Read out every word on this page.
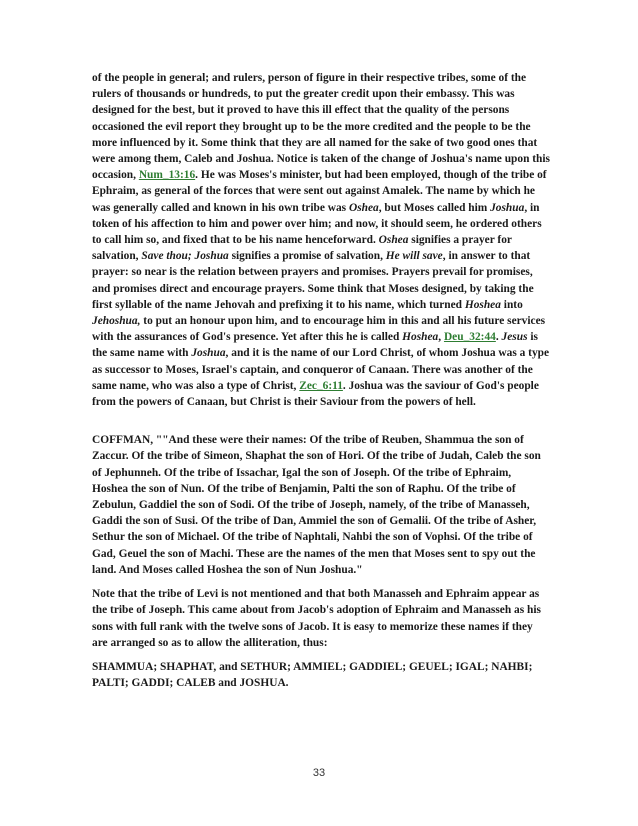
of the people in general; and rulers, person of figure in their respective tribes, some of the rulers of thousands or hundreds, to put the greater credit upon their embassy. This was designed for the best, but it proved to have this ill effect that the quality of the persons occasioned the evil report they brought up to be the more credited and the people to be the more influenced by it. Some think that they are all named for the sake of two good ones that were among them, Caleb and Joshua. Notice is taken of the change of Joshua's name upon this occasion, Num_13:16. He was Moses's minister, but had been employed, though of the tribe of Ephraim, as general of the forces that were sent out against Amalek. The name by which he was generally called and known in his own tribe was Oshea, but Moses called him Joshua, in token of his affection to him and power over him; and now, it should seem, he ordered others to call him so, and fixed that to be his name henceforward. Oshea signifies a prayer for salvation, Save thou; Joshua signifies a promise of salvation, He will save, in answer to that prayer: so near is the relation between prayers and promises. Prayers prevail for promises, and promises direct and encourage prayers. Some think that Moses designed, by taking the first syllable of the name Jehovah and prefixing it to his name, which turned Hoshea into Jehoshua, to put an honour upon him, and to encourage him in this and all his future services with the assurances of God's presence. Yet after this he is called Hoshea, Deu_32:44. Jesus is the same name with Joshua, and it is the name of our Lord Christ, of whom Joshua was a type as successor to Moses, Israel's captain, and conqueror of Canaan. There was another of the same name, who was also a type of Christ, Zec_6:11. Joshua was the saviour of God's people from the powers of Canaan, but Christ is their Saviour from the powers of hell.

COFFMAN, ""And these were their names: Of the tribe of Reuben, Shammua the son of Zaccur. Of the tribe of Simeon, Shaphat the son of Hori. Of the tribe of Judah, Caleb the son of Jephunneh. Of the tribe of Issachar, Igal the son of Joseph. Of the tribe of Ephraim, Hoshea the son of Nun. Of the tribe of Benjamin, Palti the son of Raphu. Of the tribe of Zebulun, Gaddiel the son of Sodi. Of the tribe of Joseph, namely, of the tribe of Manasseh, Gaddi the son of Susi. Of the tribe of Dan, Ammiel the son of Gemalii. Of the tribe of Asher, Sethur the son of Michael. Of the tribe of Naphtali, Nahbi the son of Vophsi. Of the tribe of Gad, Geuel the son of Machi. These are the names of the men that Moses sent to spy out the land. And Moses called Hoshea the son of Nun Joshua."

Note that the tribe of Levi is not mentioned and that both Manasseh and Ephraim appear as the tribe of Joseph. This came about from Jacob's adoption of Ephraim and Manasseh as his sons with full rank with the twelve sons of Jacob. It is easy to memorize these names if they are arranged so as to allow the alliteration, thus:

SHAMMUA; SHAPHAT, and SETHUR; AMMIEL; GADDIEL; GEUEL; IGAL; NAHBI; PALTI; GADDI; CALEB and JOSHUA.

33
